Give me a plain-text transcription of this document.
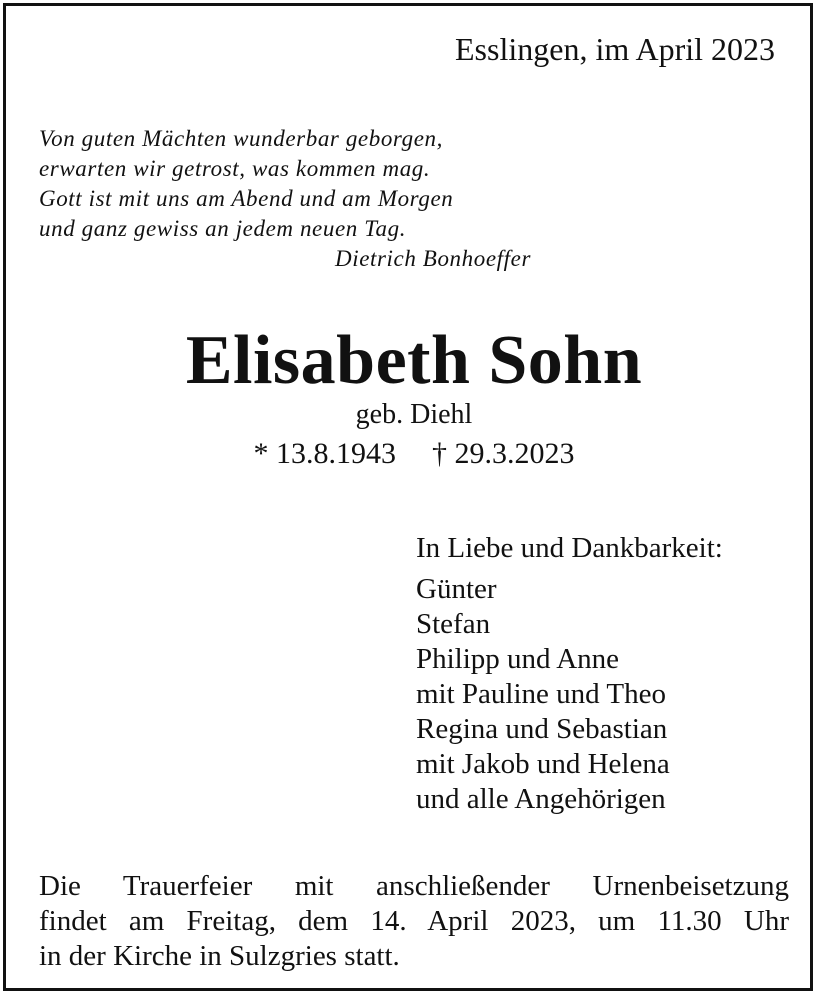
Esslingen, im April 2023
Von guten Mächten wunderbar geborgen,
erwarten wir getrost, was kommen mag.
Gott ist mit uns am Abend und am Morgen
und ganz gewiss an jedem neuen Tag.
Dietrich Bonhoeffer
Elisabeth Sohn
geb. Diehl
* 13.8.1943 † 29.3.2023
In Liebe und Dankbarkeit:
Günter
Stefan
Philipp und Anne
mit Pauline und Theo
Regina und Sebastian
mit Jakob und Helena
und alle Angehörigen
Die Trauerfeier mit anschließender Urnenbeisetzung
findet am Freitag, dem 14. April 2023, um 11.30 Uhr
in der Kirche in Sulzgries statt.
